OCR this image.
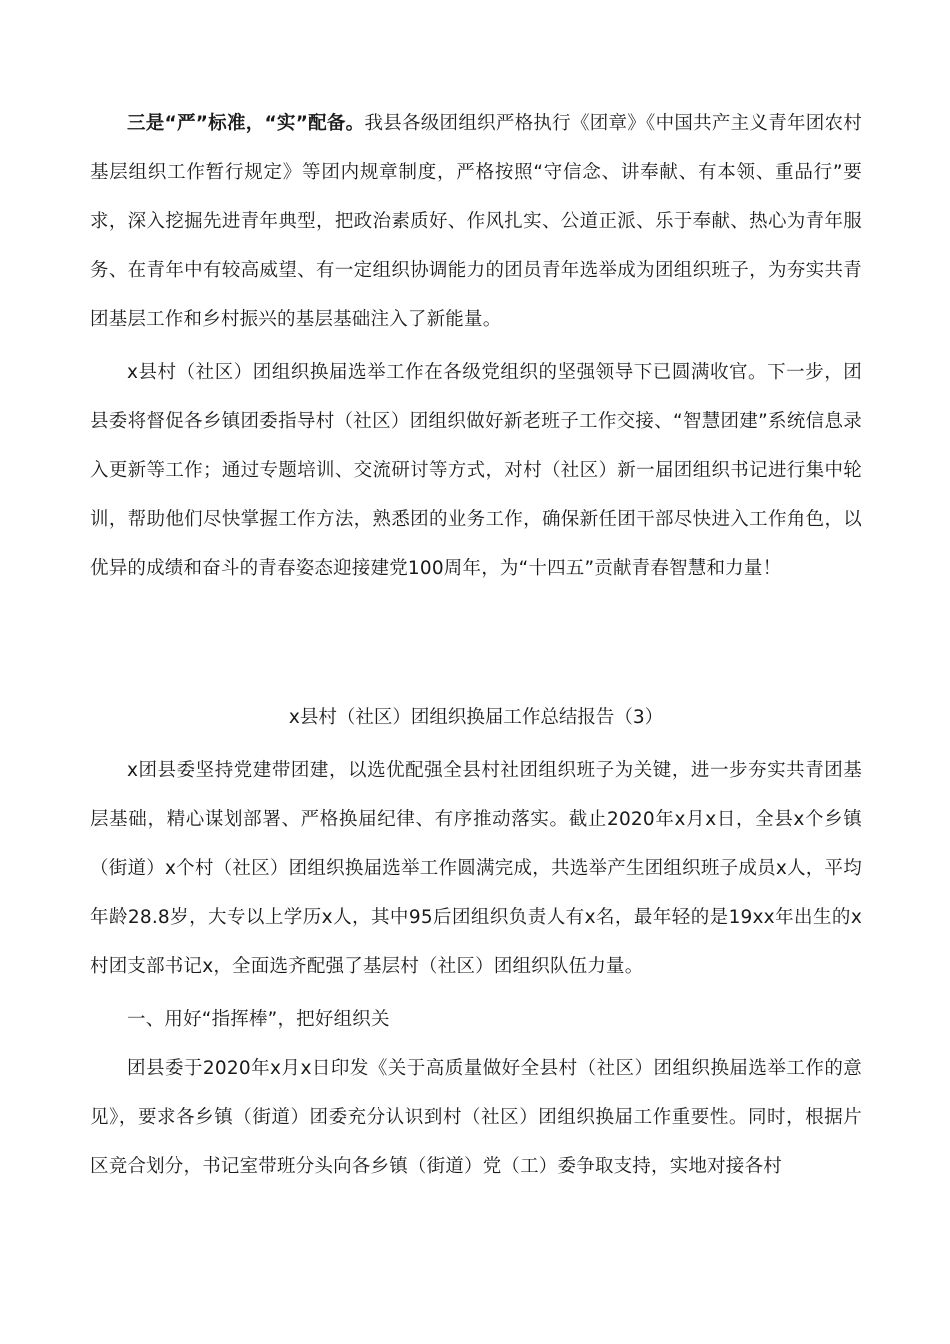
三是“严”标准，“实”配备。我县各级团组织严格执行《团章》《中国共产主义青年团农村基层组织工作暂行规定》等团内规章制度，严格按照“守信念、讲奉献、有本领、重品行”要求，深入挖掘先进青年典型，把政治素质好、作风扎实、公道正派、乐于奉献、热心为青年服务、在青年中有较高威望、有一定组织协调能力的团员青年选举成为团组织班子，为夯实共青团基层工作和乡村振兴的基层基础注入了新能量。

x县村（社区）团组织换届选举工作在各级党组织的坚强领导下已圆满收官。下一步，团县委将督促各乡镇团委指导村（社区）团组织做好新老班子工作交接、“智慧团建”系统信息录入更新等工作；通过专题培训、交流研讨等方式，对村（社区）新一届团组织书记进行集中轮训，帮助他们尽快掌握工作方法，熟悉团的业务工作，确保新任团干部尽快进入工作角色，以优异的成绩和奋斗的青春姿态迎接建党100周年，为“十四五”贡献青春智慧和力量！

x县村（社区）团组织换届工作总结报告（3）

x团县委坚持党建带团建，以选优配强全县村社团组织班子为关键，进一步夯实共青团基层基础，精心谋划部署、严格换届纪律、有序推动落实。截止2020年x月x日，全县x个乡镇（街道）x个村（社区）团组织换届选举工作圆满完成，共选举产生团组织班子成员x人，平均年龄28.8岁，大专以上学历x人，其中95后团组织负责人有x名，最年轻的是19xx年出生的x村团支部书记x，全面选齐配强了基层村（社区）团组织队伍力量。

一、用好“指挥棒”，把好组织关

团县委于2020年x月x日印发《关于高质量做好全县村（社区）团组织换届选举工作的意见》，要求各乡镇（街道）团委充分认识到村（社区）团组织换届工作重要性。同时，根据片区竞合划分，书记室带班分头向各乡镇（街道）党（工）委争取支持，实地对接各村
